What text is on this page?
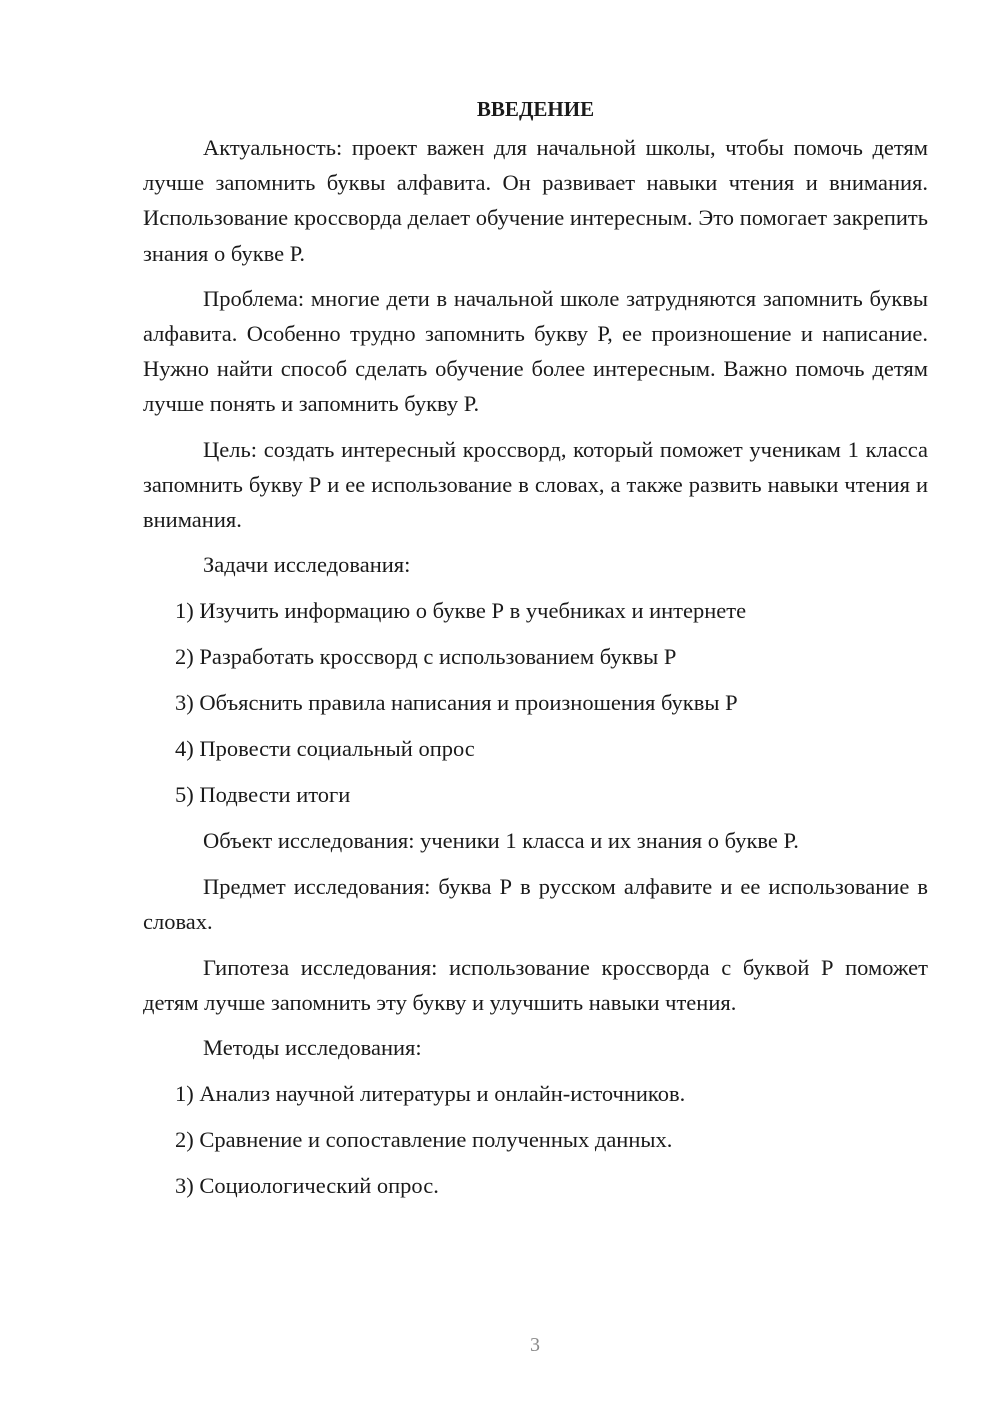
ВВЕДЕНИЕ

Актуальность: проект важен для начальной школы, чтобы помочь детям лучше запомнить буквы алфавита. Он развивает навыки чтения и внимания. Использование кроссворда делает обучение интересным. Это помогает закрепить знания о букве Р.

Проблема: многие дети в начальной школе затрудняются запомнить буквы алфавита. Особенно трудно запомнить букву Р, ее произношение и написание. Нужно найти способ сделать обучение более интересным. Важно помочь детям лучше понять и запомнить букву Р.

Цель: создать интересный кроссворд, который поможет ученикам 1 класса запомнить букву Р и ее использование в словах, а также развить навыки чтения и внимания.

Задачи исследования:
1) Изучить информацию о букве Р в учебниках и интернете
2) Разработать кроссворд с использованием буквы Р
3) Объяснить правила написания и произношения буквы Р
4) Провести социальный опрос
5) Подвести итоги
Объект исследования: ученики 1 класса и их знания о букве Р.

Предмет исследования: буква Р в русском алфавите и ее использование в словах.

Гипотеза исследования: использование кроссворда с буквой Р поможет детям лучше запомнить эту букву и улучшить навыки чтения.

Методы исследования:
1) Анализ научной литературы и онлайн-источников.
2) Сравнение и сопоставление полученных данных.
3) Социологический опрос.
3
